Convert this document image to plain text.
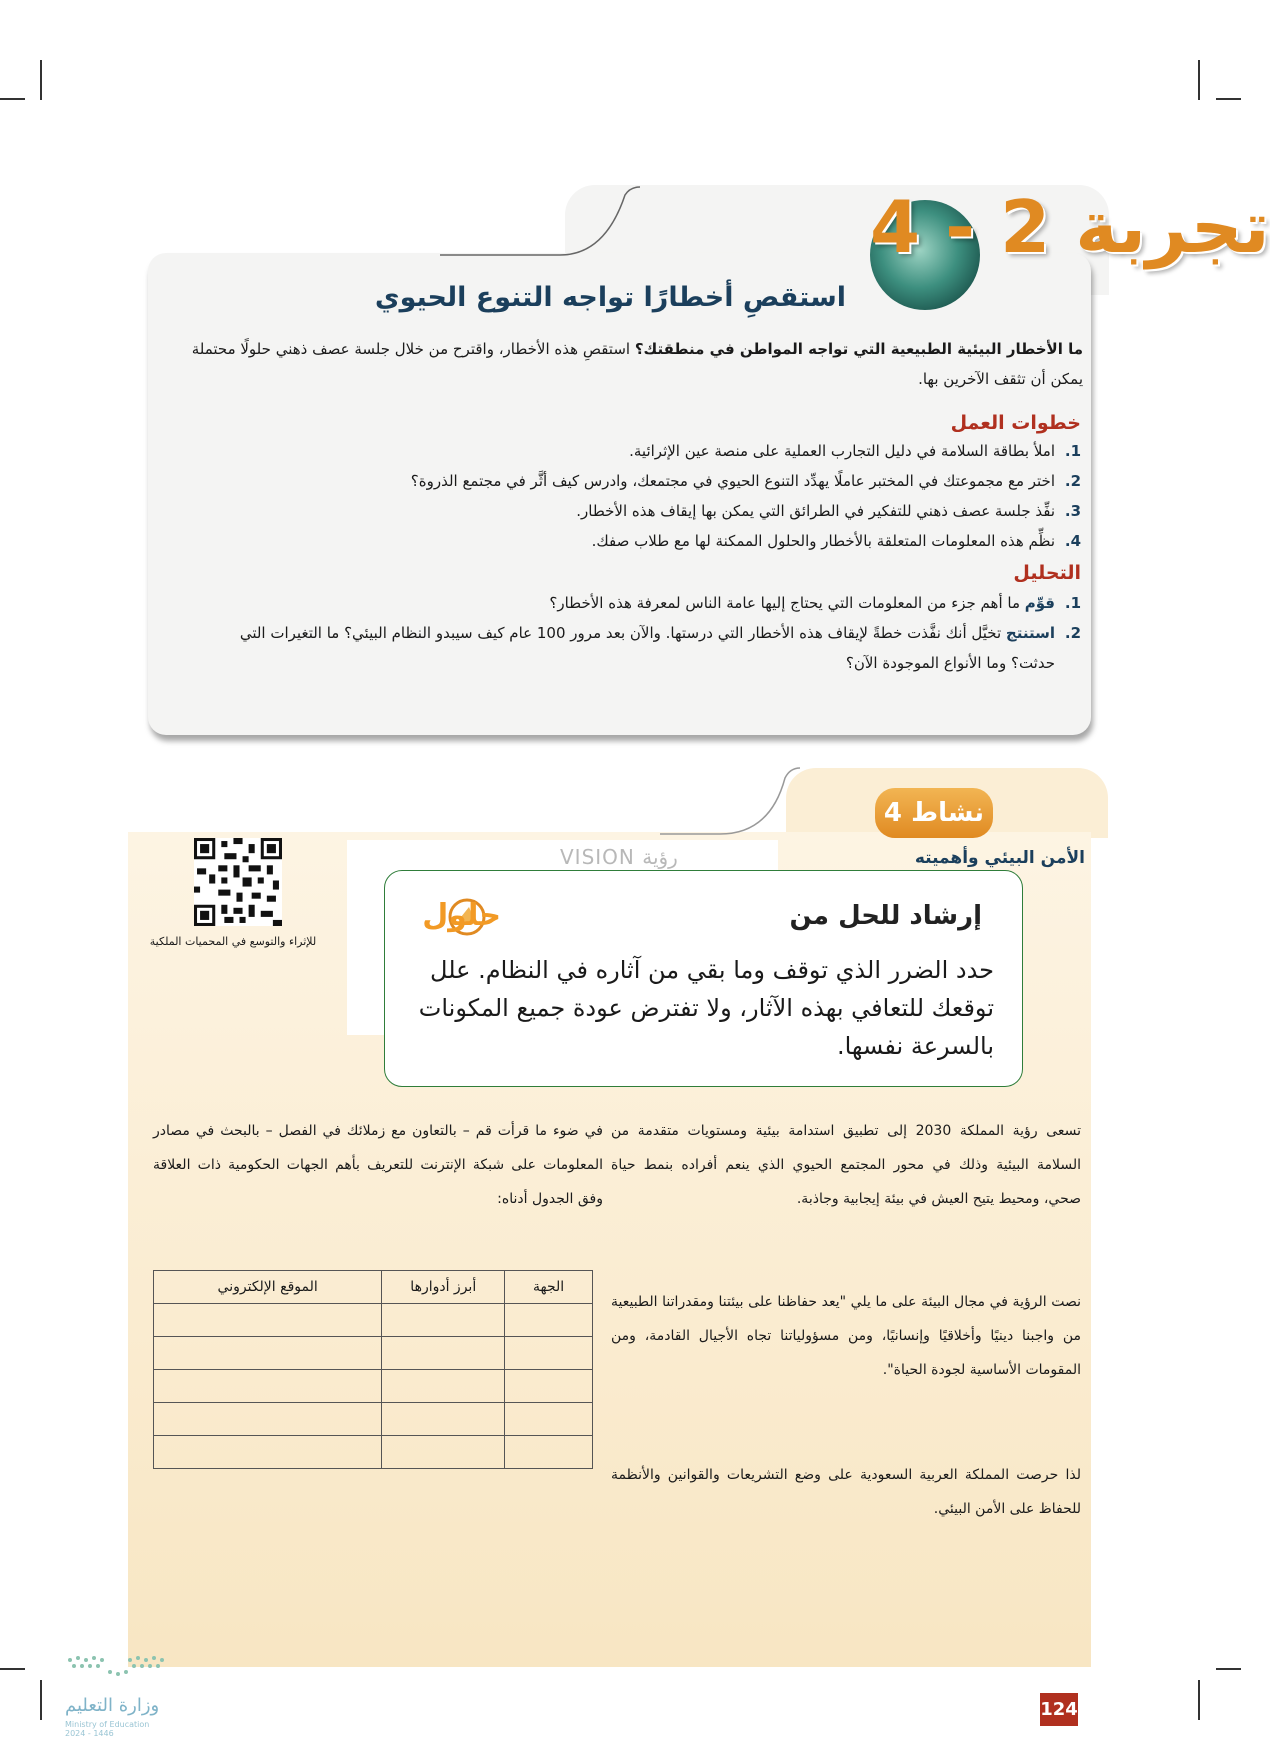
تجربة 2 - 4
استقصِ أخطارًا تواجه التنوع الحيوي
ما الأخطار البيئية الطبيعية التي تواجه المواطن في منطقتك؟ استقصِ هذه الأخطار، واقترح من خلال جلسة عصف ذهني حلولًا محتملة يمكن أن تثقف الآخرين بها.
خطوات العمل
1.
املأ بطاقة السلامة في دليل التجارب العملية على منصة عين الإثرائية.
2.
اختر مع مجموعتك في المختبر عاملًا يهدِّد التنوع الحيوي في مجتمعك، وادرس كيف أثَّر في مجتمع الذروة؟
3.
نفِّذ جلسة عصف ذهني للتفكير في الطرائق التي يمكن بها إيقاف هذه الأخطار.
4.
نظِّم هذه المعلومات المتعلقة بالأخطار والحلول الممكنة لها مع طلاب صفك.
التحليل
1.
قوِّم ما أهم جزء من المعلومات التي يحتاج إليها عامة الناس لمعرفة هذه الأخطار؟
2.
استنتج تخيَّل أنك نفَّذت خطةً لإيقاف هذه الأخطار التي درستها. والآن بعد مرور 100 عام كيف سيبدو النظام البيئي؟ ما التغيرات التي حدثت؟ وما الأنواع الموجودة الآن؟
نشاط 4
للإثراء والتوسع في المحميات الملكية
VISION رؤية	الأمن البيئي وأهميته
إرشاد للحل من
حلول
حدد الضرر الذي توقف وما بقي من آثاره في النظام. علل توقعك للتعافي بهذه الآثار، ولا تفترض عودة جميع المكونات بالسرعة نفسها.
تسعى رؤية المملكة 2030 إلى تطبيق استدامة بيئية ومستويات متقدمة من السلامة البيئية وذلك في محور المجتمع الحيوي الذي ينعم أفراده بنمط حياة صحي، ومحيط يتيح العيش في بيئة إيجابية وجاذبة.
نصت الرؤية في مجال البيئة على ما يلي "يعد حفاظنا على بيئتنا ومقدراتنا الطبيعية من واجبنا دينيًا وأخلاقيًا وإنسانيًا، ومن مسؤولياتنا تجاه الأجيال القادمة، ومن المقومات الأساسية لجودة الحياة".
لذا حرصت المملكة العربية السعودية على وضع التشريعات والقوانين والأنظمة للحفاظ على الأمن البيئي.
في ضوء ما قرأت قم – بالتعاون مع زملائك في الفصل – بالبحث في مصادر المعلومات على شبكة الإنترنت للتعريف بأهم الجهات الحكومية ذات العلاقة وفق الجدول أدناه:
الجهة	أبرز أدوارها	الموقع الإلكتروني

وزارة التعليم
Ministry of Education
2024 - 1446
124
